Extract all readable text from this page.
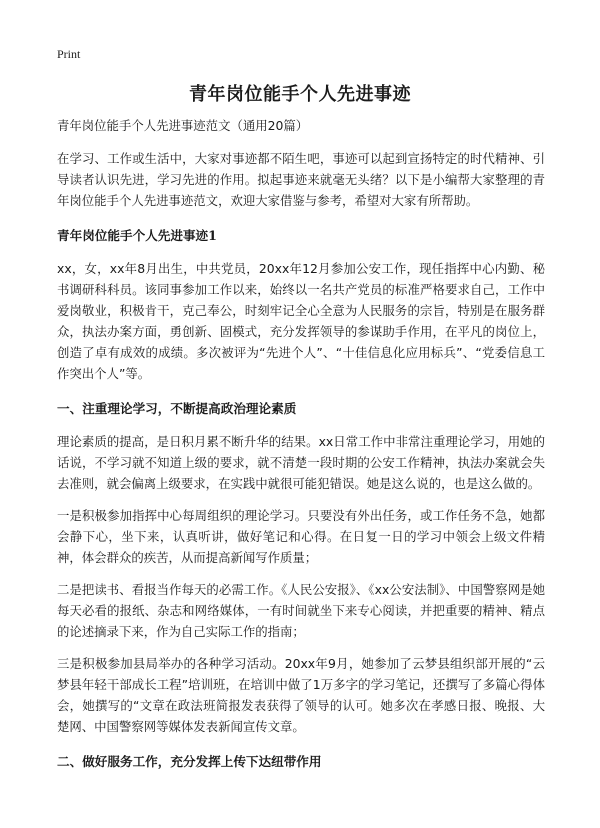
Print
青年岗位能手个人先进事迹

青年岗位能手个人先进事迹范文（通用20篇）

在学习、工作或生活中，大家对事迹都不陌生吧，事迹可以起到宣扬特定的时代精神、引导读者认识先进，学习先进的作用。拟起事迹来就毫无头绪？以下是小编帮大家整理的青年岗位能手个人先进事迹范文，欢迎大家借鉴与参考，希望对大家有所帮助。

青年岗位能手个人先进事迹1

xx，女，xx年8月出生，中共党员，20xx年12月参加公安工作，现任指挥中心内勤、秘书调研科科员。该同事参加工作以来，始终以一名共产党员的标准严格要求自己，工作中爱岗敬业，积极肯干，克己奉公，时刻牢记全心全意为人民服务的宗旨，特别是在服务群众，执法办案方面，勇创新、固模式，充分发挥领导的参谋助手作用，在平凡的岗位上，创造了卓有成效的成绩。多次被评为“先进个人”、“十佳信息化应用标兵”、“党委信息工作突出个人”等。

一、注重理论学习，不断提高政治理论素质

理论素质的提高，是日积月累不断升华的结果。xx日常工作中非常注重理论学习，用她的话说，不学习就不知道上级的要求，就不清楚一段时期的公安工作精神，执法办案就会失去准则，就会偏离上级要求，在实践中就很可能犯错误。她是这么说的，也是这么做的。

一是积极参加指挥中心每周组织的理论学习。只要没有外出任务，或工作任务不急，她都会静下心，坐下来，认真听讲，做好笔记和心得。在日复一日的学习中领会上级文件精神，体会群众的疾苦，从而提高新闻写作质量；

二是把读书、看报当作每天的必需工作。《人民公安报》、《xx公安法制》、中国警察网是她每天必看的报纸、杂志和网络媒体，一有时间就坐下来专心阅读，并把重要的精神、精点的论述摘录下来，作为自己实际工作的指南；

三是积极参加县局举办的各种学习活动。20xx年9月，她参加了云梦县组织部开展的“云梦县年轻干部成长工程”培训班，在培训中做了1万多字的学习笔记，还撰写了多篇心得体会，她撰写的“文章在政法班简报发表获得了领导的认可。她多次在孝感日报、晚报、大楚网、中国警察网等媒体发表新闻宣传文章。

二、做好服务工作，充分发挥上传下达纽带作用
